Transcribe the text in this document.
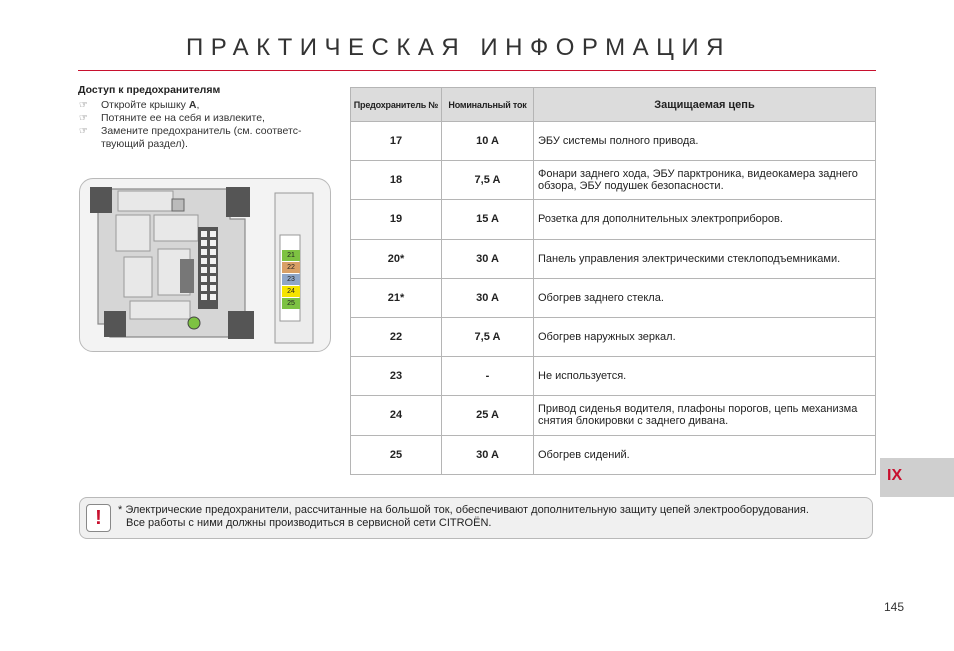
ПРАКТИЧЕСКАЯ ИНФОРМАЦИЯ
Доступ к предохранителям
☞ Откройте крышку A,
☞ Потяните ее на себя и извлеките,
☞ Замените предохранитель (см. соответс-твующий раздел).
21
22
23
24
25
Предохранитель №	Номинальный ток	Защищаемая цепь
17	10 A	ЭБУ системы полного привода.
18	7,5 A	Фонари заднего хода, ЭБУ парктроника, видеокамера заднего обзора, ЭБУ подушек безопасности.
19	15 A	Розетка для дополнительных электроприборов.
20*	30 A	Панель управления электрическими стеклоподъемниками.
21*	30 A	Обогрев заднего стекла.
22	7,5 A	Обогрев наружных зеркал.
23	-	Не используется.
24	25 A	Привод сиденья водителя, плафоны порогов, цепь механизма снятия блокировки с заднего дивана.
25	30 A	Обогрев сидений.
IX
!	* Электрические предохранители, рассчитанные на большой ток, обеспечивают дополнительную защиту цепей электрооборудования.
Все работы с ними должны производиться в сервисной сети CITROËN.
145
